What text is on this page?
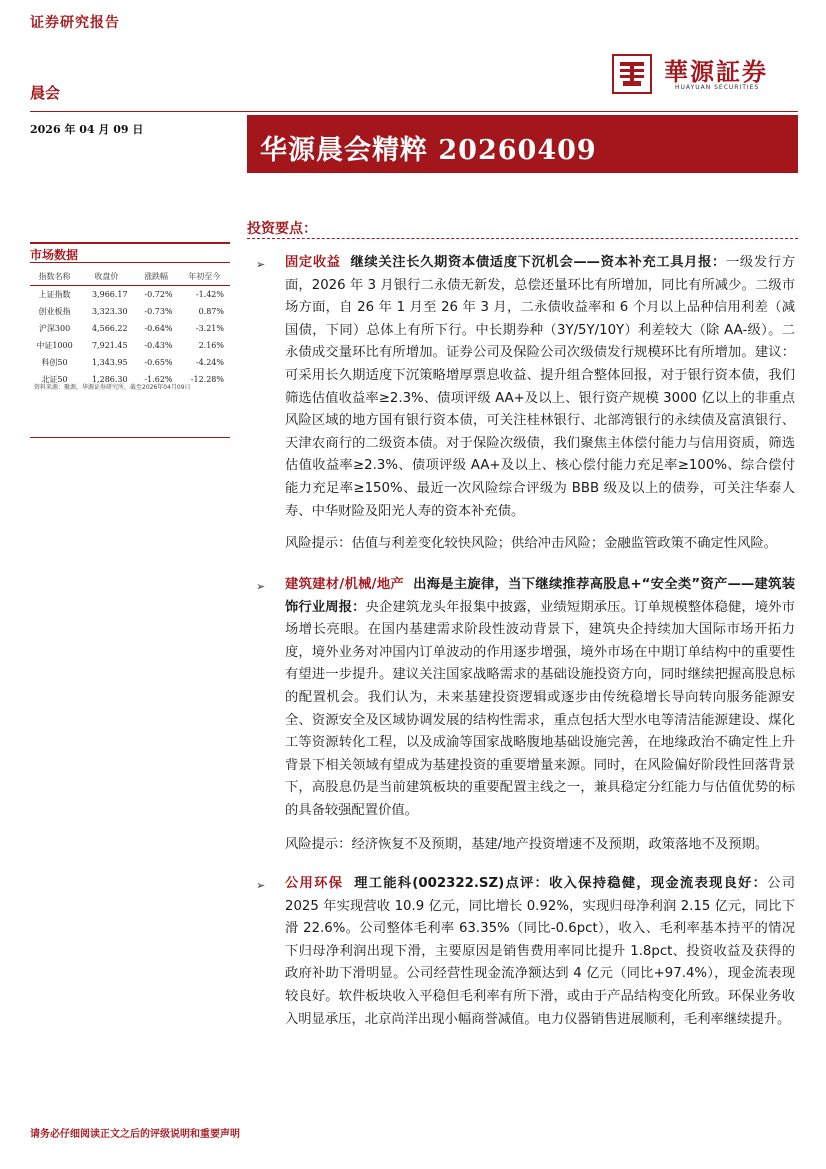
证券研究报告
晨会
華源証券
HUAYUAN SECURITIES
2026 年 04 月 09 日
华源晨会精粹 20260409
投资要点：
市场数据
指数名称	收盘价	涨跌幅	年初至今
上证指数	3,966.17	-0.72%	-1.42%
创业板指	3,323.30	-0.73%	0.87%
沪深300	4,566.22	-0.64%	-3.21%
中证1000	7,921.45	-0.43%	2.16%
科创50	1,343.95	-0.65%	-4.24%
北证50	1,286.30	-1.62%	-12.28%
资料来源：聚源，华源证券研究所，截至2026年04月09日
➢ 固定收益 继续关注长久期资本债适度下沉机会——资本补充工具月报：一级发行方面，2026 年 3 月银行二永债无新发，总偿还量环比有所增加，同比有所减少。二级市场方面，自 26 年 1 月至 26 年 3 月，二永债收益率和 6 个月以上品种信用利差（减国债，下同）总体上有所下行。中长期券种（3Y/5Y/10Y）利差较大（除 AA-级）。二永债成交量环比有所增加。证券公司及保险公司次级债发行规模环比有所增加。建议：可采用长久期适度下沉策略增厚票息收益、提升组合整体回报，对于银行资本债，我们筛选估值收益率≥2.3%、债项评级 AA+及以上、银行资产规模 3000 亿以上的非重点风险区域的地方国有银行资本债，可关注桂林银行、北部湾银行的永续债及富滇银行、天津农商行的二级资本债。对于保险次级债，我们聚焦主体偿付能力与信用资质，筛选估值收益率≥2.3%、债项评级 AA+及以上、核心偿付能力充足率≥100%、综合偿付能力充足率≥150%、最近一次风险综合评级为 BBB 级及以上的债券，可关注华泰人寿、中华财险及阳光人寿的资本补充债。
风险提示：估值与利差变化较快风险；供给冲击风险；金融监管政策不确定性风险。
➢ 建筑建材/机械/地产 出海是主旋律，当下继续推荐高股息+“安全类”资产——建筑装饰行业周报：央企建筑龙头年报集中披露，业绩短期承压。订单规模整体稳健，境外市场增长亮眼。在国内基建需求阶段性波动背景下，建筑央企持续加大国际市场开拓力度，境外业务对冲国内订单波动的作用逐步增强，境外市场在中期订单结构中的重要性有望进一步提升。建议关注国家战略需求的基础设施投资方向，同时继续把握高股息标的配置机会。我们认为，未来基建投资逻辑或逐步由传统稳增长导向转向服务能源安全、资源安全及区域协调发展的结构性需求，重点包括大型水电等清洁能源建设、煤化工等资源转化工程，以及成渝等国家战略腹地基础设施完善，在地缘政治不确定性上升背景下相关领域有望成为基建投资的重要增量来源。同时，在风险偏好阶段性回落背景下，高股息仍是当前建筑板块的重要配置主线之一，兼具稳定分红能力与估值优势的标的具备较强配置价值。
风险提示：经济恢复不及预期，基建/地产投资增速不及预期，政策落地不及预期。
➢ 公用环保 理工能科(002322.SZ)点评：收入保持稳健，现金流表现良好：公司 2025 年实现营收 10.9 亿元，同比增长 0.92%，实现归母净利润 2.15 亿元，同比下滑 22.6%。公司整体毛利率 63.35%（同比-0.6pct），收入、毛利率基本持平的情况下归母净利润出现下滑，主要原因是销售费用率同比提升 1.8pct、投资收益及获得的政府补助下滑明显。公司经营性现金流净额达到 4 亿元（同比+97.4%），现金流表现较良好。软件板块收入平稳但毛利率有所下滑，或由于产品结构变化所致。环保业务收入明显承压，北京尚洋出现小幅商誉减值。电力仪器销售进展顺利，毛利率继续提升。
请务必仔细阅读正文之后的评级说明和重要声明
